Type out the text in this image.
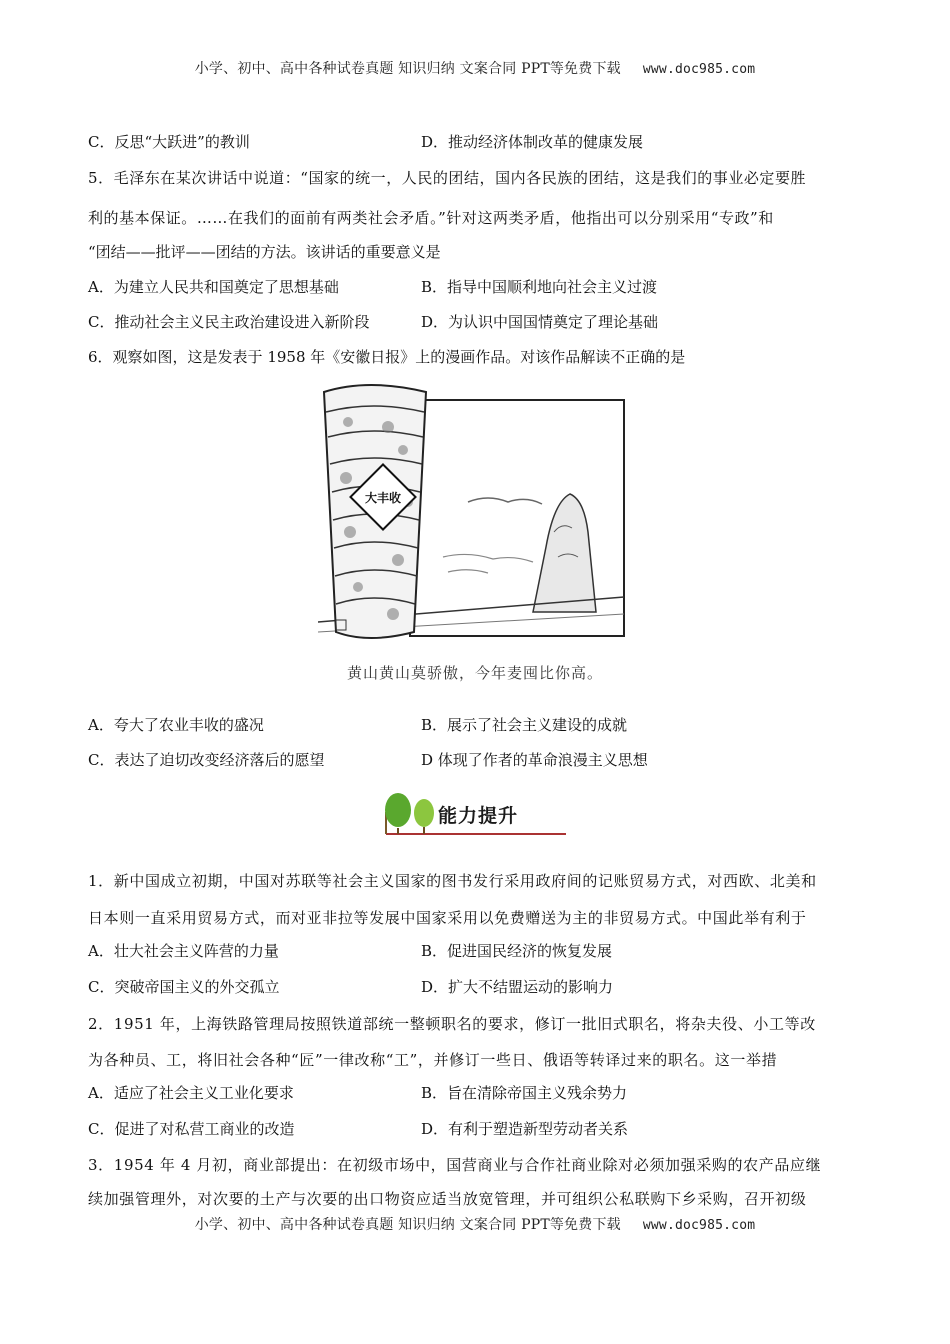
小学、初中、高中各种试卷真题 知识归纳 文案合同 PPT等免费下载 www.doc985.com
C．反思“大跃进”的教训	D．推动经济体制改革的健康发展
5．毛泽东在某次讲话中说道：“国家的统一，人民的团结，国内各民族的团结，这是我们的事业必定要胜
利的基本保证。……在我们的面前有两类社会矛盾。”针对这两类矛盾，他指出可以分别采用“专政”和
“团结——批评——团结的方法。该讲话的重要意义是
A．为建立人民共和国奠定了思想基础	B．指导中国顺利地向社会主义过渡
C．推动社会主义民主政治建设进入新阶段	D．为认识中国国情奠定了理论基础
6．观察如图，这是发表于 1958 年《安徽日报》上的漫画作品。对该作品解读不正确的是
大丰收
黄山黄山莫骄傲，今年麦囤比你高。
A．夸大了农业丰收的盛况	B．展示了社会主义建设的成就
C．表达了迫切改变经济落后的愿望	D 体现了作者的革命浪漫主义思想
能力提升
1．新中国成立初期，中国对苏联等社会主义国家的图书发行采用政府间的记账贸易方式，对西欧、北美和
日本则一直采用贸易方式，而对亚非拉等发展中国家采用以免费赠送为主的非贸易方式。中国此举有利于
A．壮大社会主义阵营的力量	B．促进国民经济的恢复发展
C．突破帝国主义的外交孤立	D．扩大不结盟运动的影响力
2．1951 年，上海铁路管理局按照铁道部统一整顿职名的要求，修订一批旧式职名，将杂夫役、小工等改
为各种员、工，将旧社会各种“匠”一律改称“工”，并修订一些日、俄语等转译过来的职名。这一举措
A．适应了社会主义工业化要求	B．旨在清除帝国主义残余势力
C．促进了对私营工商业的改造	D．有利于塑造新型劳动者关系
3．1954 年 4 月初，商业部提出：在初级市场中，国营商业与合作社商业除对必须加强采购的农产品应继
续加强管理外，对次要的土产与次要的出口物资应适当放宽管理，并可组织公私联购下乡采购，召开初级
小学、初中、高中各种试卷真题 知识归纳 文案合同 PPT等免费下载 www.doc985.com
